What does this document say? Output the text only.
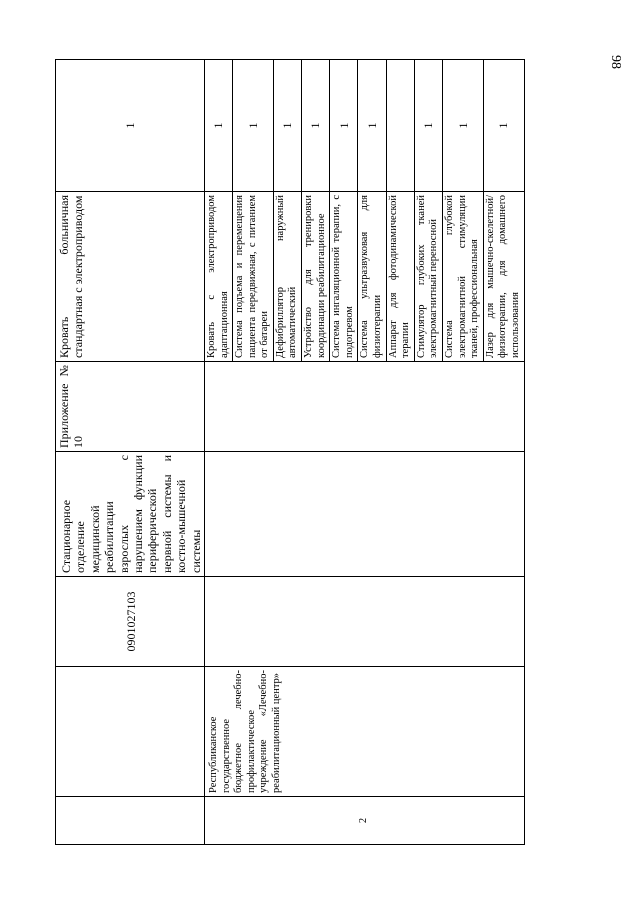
98
		0901027103	Стационарное отделение медицинской реабилитации взрослых с нарушением функции периферической нервной системы и костно-мышечной системы	Приложение № 10	Кровать больничная стандартная с электроприводом	1
2	Республиканское государственное бюджетное лечебно-профилактическое учреждение «Лечебно-реабилитационный центр»				Кровать с электроприводом адаптационная	1
					Система подъема и перемещения пациента передвижная, с питанием от батареи	1
					Дефибриллятор наружный автоматический	1
					Устройство для тренировки координации реабилитационное	1
					Система ингаляционной терапии, с подогревом	1
					Система ультразвуковая для физиотерапии	1
					Аппарат для фотодинамической терапии	
					Стимулятор глубоких тканей электромагнитный переносной	1
					Система глубокой электромагнитной стимуляции тканей, профессиональная	1
					Лазер для мышечно-скелетной/физиотерапии, для домашнего использования	1
